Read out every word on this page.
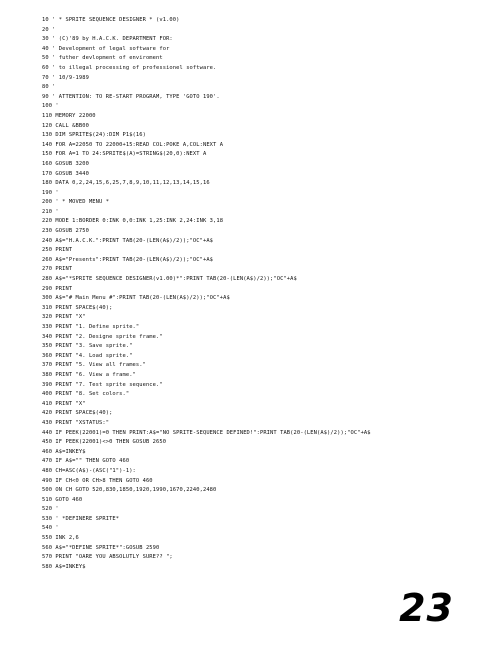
10 ' * SPRITE SEQUENCE DESIGNER * (v1.00)
20 '
30 ' (C)'89 by H.A.C.K. DEPARTMENT FOR:
40 ' Development of legal software for
50 ' futher devlopment of enviroment
60 ' to illegal processing of professionel software.
70 ' 10/9-1989
80 '
90 ' ATTENTION: TO RE-START PROGRAM, TYPE 'GOTO 190'.
100 '
110 MEMORY 22000
120 CALL &BB00
130 DIM SPRITE$(24):DIM P1$(16)
140 FOR A=22050 TO 22000+15:READ COL:POKE A,COL:NEXT A
150 FOR A=1 TO 24:SPRITE$(A)=STRING$(20,0):NEXT A
160 GOSUB 3200
170 GOSUB 3440
180 DATA 0,2,24,15,6,25,7,8,9,10,11,12,13,14,15,16
190 '
200 ' * MOVED MENU *
210 '
220 MODE 1:BORDER 0:INK 0,0:INK 1,25:INK 2,24:INK 3,18
230 GOSUB 2750
240 A$="H.A.C.K.":PRINT TAB(20-(LEN(A$)/2));"OC"+A$
250 PRINT
260 A$="Presents":PRINT TAB(20-(LEN(A$)/2));"OC"+A$
270 PRINT
280 A$="*SPRITE SEQUENCE DESIGNER(v1.00)*":PRINT TAB(20-(LEN(A$)/2));"OC"+A$
290 PRINT
300 A$="# Main Menu #":PRINT TAB(20-(LEN(A$)/2));"OC"+A$
310 PRINT SPACE$(40);
320 PRINT "X"
330 PRINT "1. Define sprite."
340 PRINT "2. Designe sprite frame."
350 PRINT "3. Save sprite."
360 PRINT "4. Load sprite."
370 PRINT "5. View all frames."
380 PRINT "6. View a frame."
390 PRINT "7. Test sprite sequence."
400 PRINT "8. Set colors."
410 PRINT "X"
420 PRINT SPACE$(40);
430 PRINT "XSTATUS:"
440 IF PEEK(22001)=0 THEN PRINT:A$="NO SPRITE-SEQUENCE DEFINED!":PRINT TAB(20-(LEN(A$)/2));"OC"+A$
450 IF PEEK(22001)<>0 THEN GOSUB 2650
460 A$=INKEY$
470 IF A$="" THEN GOTO 460
480 CH=ASC(A$)-(ASC("1")-1):
490 IF CH<0 OR CH>8 THEN GOTO 460
500 ON CH GOTO 520,830,1850,1920,1990,1670,2240,2480
510 GOTO 460
520 '
530 ' *DEFINERE SPRITE*
540 '
550 INK 2,6
560 A$="*DEFINE SPRITE*":GOSUB 2590
570 PRINT "OARE YOU ABSOLUTLY SURE?? ";
580 A$=INKEY$
23
